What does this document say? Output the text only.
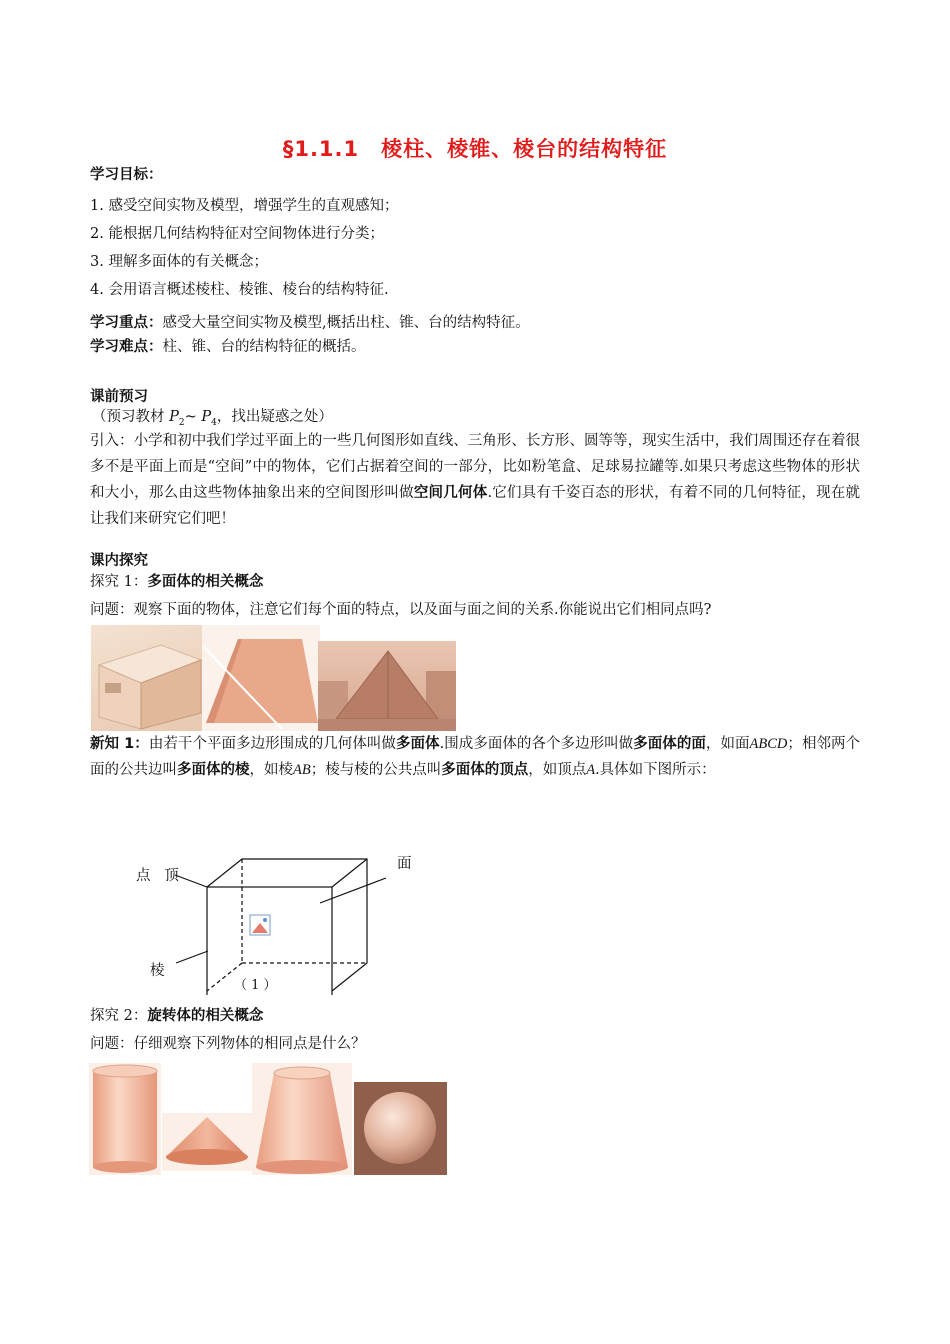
§1.1.1　棱柱、棱锥、棱台的结构特征
学习目标：
1. 感受空间实物及模型，增强学生的直观感知；
2. 能根据几何结构特征对空间物体进行分类；
3. 理解多面体的有关概念；
4. 会用语言概述棱柱、棱锥、棱台的结构特征.
学习重点：感受大量空间实物及模型,概括出柱、锥、台的结构特征。
学习难点：柱、锥、台的结构特征的概括。
课前预习
（预习教材 $P_2\sim$ $P_4$，找出疑惑之处）
引入：小学和初中我们学过平面上的一些几何图形如直线、三角形、长方形、圆等等，现实生活中，我们周围还存在着很多不是平面上而是“空间”中的物体，它们占据着空间的一部分，比如粉笔盒、足球易拉罐等.如果只考虑这些物体的形状和大小，那么由这些物体抽象出来的空间图形叫做空间几何体.它们具有千姿百态的形状，有着不同的几何特征，现在就让我们来研究它们吧！
课内探究
探究 1：多面体的相关概念
问题：观察下面的物体，注意它们每个面的特点，以及面与面之间的关系.你能说出它们相同点吗?
新知 1：由若干个平面多边形围成的几何体叫做多面体.围成多面体的各个多边形叫做多面体的面，如面ABCD；相邻两个面的公共边叫多面体的棱，如棱AB；棱与棱的公共点叫多面体的顶点，如顶点A.具体如下图所示：
点 顶
面
棱
（ 1 ）
探究 2：旋转体的相关概念
问题：仔细观察下列物体的相同点是什么？
